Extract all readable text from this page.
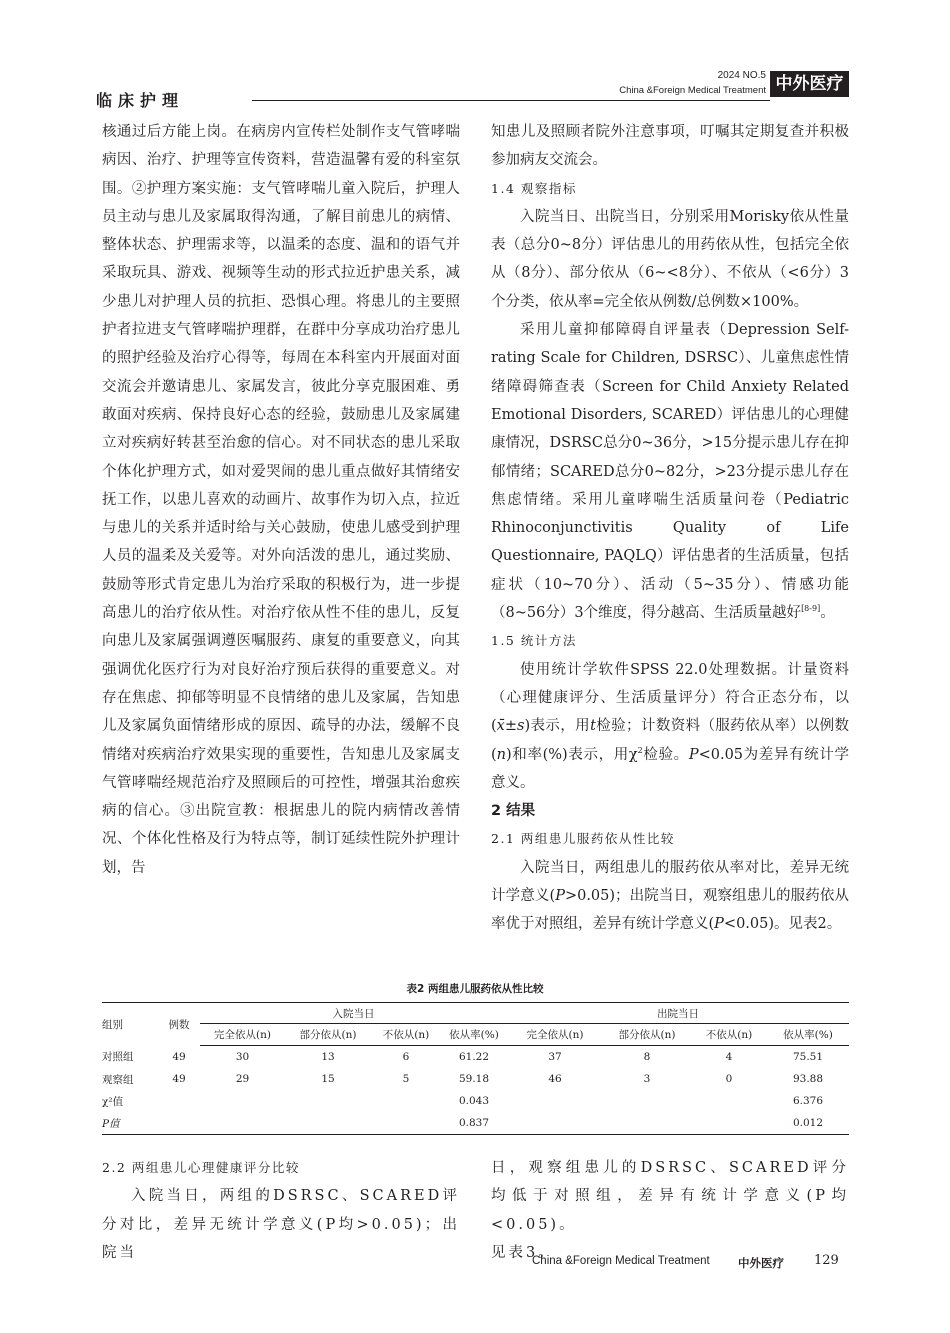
临床护理
2024 NO.5
China &Foreign Medical Treatment 中外医疗

核通过后方能上岗。在病房内宣传栏处制作支气管哮喘病因、治疗、护理等宣传资料，营造温馨有爱的科室氛围。②护理方案实施：支气管哮喘儿童入院后，护理人员主动与患儿及家属取得沟通，了解目前患儿的病情、整体状态、护理需求等，以温柔的态度、温和的语气并采取玩具、游戏、视频等生动的形式拉近护患关系，减少患儿对护理人员的抗拒、恐惧心理。将患儿的主要照护者拉进支气管哮喘护理群，在群中分享成功治疗患儿的照护经验及治疗心得等，每周在本科室内开展面对面交流会并邀请患儿、家属发言，彼此分享克服困难、勇敢面对疾病、保持良好心态的经验，鼓励患儿及家属建立对疾病好转甚至治愈的信心。对不同状态的患儿采取个体化护理方式，如对爱哭闹的患儿重点做好其情绪安抚工作，以患儿喜欢的动画片、故事作为切入点，拉近与患儿的关系并适时给与关心鼓励，使患儿感受到护理人员的温柔及关爱等。对外向活泼的患儿，通过奖励、鼓励等形式肯定患儿为治疗采取的积极行为，进一步提高患儿的治疗依从性。对治疗依从性不佳的患儿，反复向患儿及家属强调遵医嘱服药、康复的重要意义，向其强调优化医疗行为对良好治疗预后获得的重要意义。对存在焦虑、抑郁等明显不良情绪的患儿及家属，告知患儿及家属负面情绪形成的原因、疏导的办法，缓解不良情绪对疾病治疗效果实现的重要性，告知患儿及家属支气管哮喘经规范治疗及照顾后的可控性，增强其治愈疾病的信心。③出院宣教：根据患儿的院内病情改善情况、个体化性格及行为特点等，制订延续性院外护理计划，告

知患儿及照顾者院外注意事项，叮嘱其定期复查并积极参加病友交流会。

1.4 观察指标

入院当日、出院当日，分别采用Morisky依从性量表（总分0~8分）评估患儿的用药依从性，包括完全依从（8分）、部分依从（6~<8分）、不依从（<6分）3个分类，依从率=完全依从例数/总例数×100%。

采用儿童抑郁障碍自评量表（Depression Self-rating Scale for Children, DSRSC）、儿童焦虑性情绪障碍筛查表（Screen for Child Anxiety Related Emotional Disorders, SCARED）评估患儿的心理健康情况，DSRSC总分0~36分，>15分提示患儿存在抑郁情绪；SCARED总分0~82分，>23分提示患儿存在焦虑情绪。采用儿童哮喘生活质量问卷（Pediatric Rhinoconjunctivitis Quality of Life Questionnaire, PAQLQ）评估患者的生活质量，包括症状（10~70分）、活动（5~35分）、情感功能（8~56分）3个维度，得分越高、生活质量越好[8-9]。

1.5 统计方法

使用统计学软件SPSS 22.0处理数据。计量资料（心理健康评分、生活质量评分）符合正态分布，以(x̄±s)表示，用t检验；计数资料（服药依从率）以例数(n)和率(%)表示，用$\chi^2$检验。P<0.05为差异有统计学意义。

2 结果

2.1 两组患儿服药依从性比较

入院当日，两组患儿的服药依从率对比，差异无统计学意义(P>0.05)；出院当日，观察组患儿的服药依从率优于对照组，差异有统计学意义(P<0.05)。见表2。

表2 两组患儿服药依从性比较
组别	例数	入院当日				出院当日			
		完全依从(n)	部分依从(n)	不依从(n)	依从率(%)	完全依从(n)	部分依从(n)	不依从(n)	依从率(%)
对照组	49	30	13	6	61.22	37	8	4	75.51
观察组	49	29	15	5	59.18	46	3	0	93.88
χ²值					0.043				6.376
P值					0.837				0.012

2.2 两组患儿心理健康评分比较

入院当日，两组的DSRSC、SCARED评分对比，差异无统计学意义(P均>0.05)；出院当

日，观察组患儿的DSRSC、SCARED评分均低于对照组，差异有统计学意义(P均<0.05)。

见表3。

China &Foreign Medical Treatment 中外医疗 129
